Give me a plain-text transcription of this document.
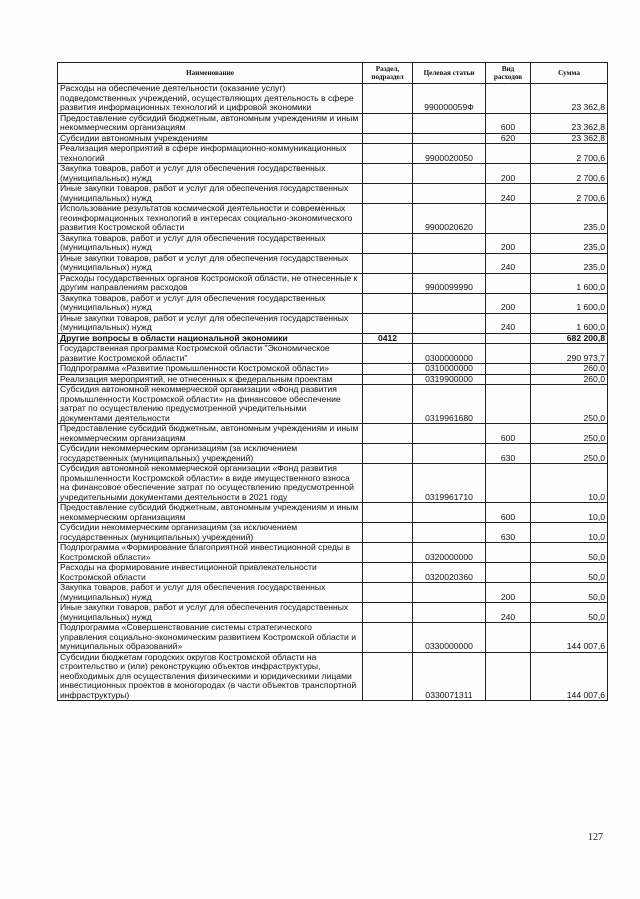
Наименование	Раздел, подраздел	Целевая статьи	Вид расходов	Сумма
Расходы на обеспечение деятельности (оказание услуг) подведомственных учреждений, осуществляющих деятельность в сфере развития информационных технологий и цифровой экономики		990000059Ф		23 362,8
Предоставление субсидий бюджетным, автономным учреждениям и иным некоммерческим организациям			600	23 362,8
Субсидии автономным учреждениям			620	23 362,8
Реализация мероприятий в сфере информационно-коммуникационных технологий		9900020050		2 700,6
Закупка товаров, работ и услуг для обеспечения государственных (муниципальных) нужд			200	2 700,6
Иные закупки товаров, работ и услуг для обеспечения государственных (муниципальных) нужд			240	2 700,6
Использование результатов космической деятельности и современных геоинформационных технологий в интересах социально-экономического развития Костромской области		9900020620		235,0
Закупка товаров, работ и услуг для обеспечения государственных (муниципальных) нужд			200	235,0
Иные закупки товаров, работ и услуг для обеспечения государственных (муниципальных) нужд			240	235,0
Расходы государственных органов Костромской области, не отнесенные к другим направлениям расходов		9900099990		1 600,0
Закупка товаров, работ и услуг для обеспечения государственных (муниципальных) нужд			200	1 600,0
Иные закупки товаров, работ и услуг для обеспечения государственных (муниципальных) нужд			240	1 600,0
Другие вопросы в области национальной экономики	0412			682 200,8
Государственная программа Костромской области "Экономическое развитие Костромской области"		0300000000		290 973,7
Подпрограмма «Развитие промышленности Костромской области»		0310000000		260,0
Реализация мероприятий, не отнесенных к федеральным проектам		0319900000		260,0
Субсидия автономной некоммерческой организации «Фонд развития промышленности Костромской области» на финансовое обеспечение затрат по осуществлению предусмотренной учредительными документами деятельности		0319961680		250,0
Предоставление субсидий бюджетным, автономным учреждениям и иным некоммерческим организациям			600	250,0
Субсидии некоммерческим организациям (за исключением государственных (муниципальных) учреждений)			630	250,0
Субсидия автономной некоммерческой организации «Фонд развития промышленности Костромской области» в виде имущественного взноса на финансовое обеспечение затрат по осуществлению предусмотренной учредительными документами деятельности в 2021 году		0319961710		10,0
Предоставление субсидий бюджетным, автономным учреждениям и иным некоммерческим организациям			600	10,0
Субсидии некоммерческим организациям (за исключением государственных (муниципальных) учреждений)			630	10,0
Подпрограмма «Формирование благоприятной инвестиционной среды в Костромской области»		0320000000		50,0
Расходы на формирование инвестиционной привлекательности Костромской области		0320020360		50,0
Закупка товаров, работ и услуг для обеспечения государственных (муниципальных) нужд			200	50,0
Иные закупки товаров, работ и услуг для обеспечения государственных (муниципальных) нужд			240	50,0
Подпрограмма «Совершенствование системы стратегического управления социально-экономическим развитием Костромской области и муниципальных образований»		0330000000		144 007,6
Субсидии бюджетам городских округов Костромской области на строительство и (или) реконструкцию объектов инфраструктуры, необходимых для осуществления физическими и юридическими лицами инвестиционных проектов в моногородах (в части объектов транспортной инфраструктуры)		0330071311		144 007,6
127
